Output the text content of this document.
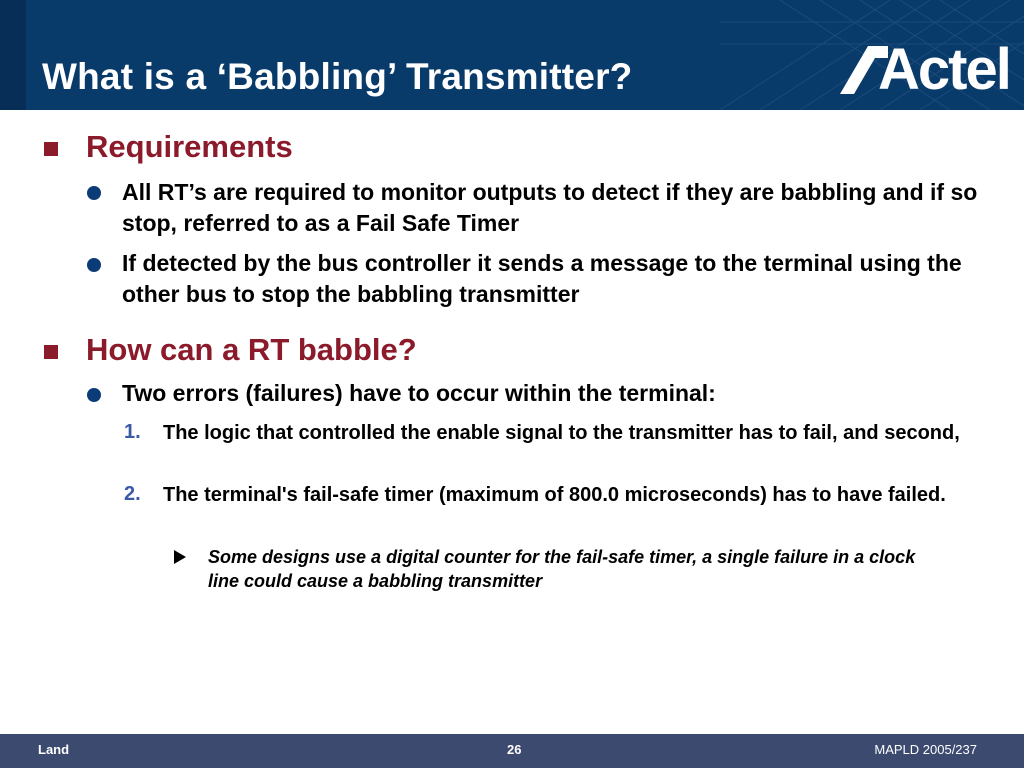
What is a ‘Babbling’ Transmitter?	Actel
Requirements
All RT’s are required to monitor outputs to detect if they are babbling and if so stop, referred to as a Fail Safe Timer
If detected by the bus controller it sends a message to the terminal using the other bus to stop the babbling transmitter
How can a RT babble?
Two errors (failures) have to occur within the terminal:
1. The logic that controlled the enable signal to the transmitter has to fail, and second,
2. The terminal's fail-safe timer (maximum of 800.0 microseconds) has to have failed.
Some designs use a digital counter for the fail-safe timer, a single failure in a clock line could cause a babbling transmitter
Land	26	MAPLD 2005/237
